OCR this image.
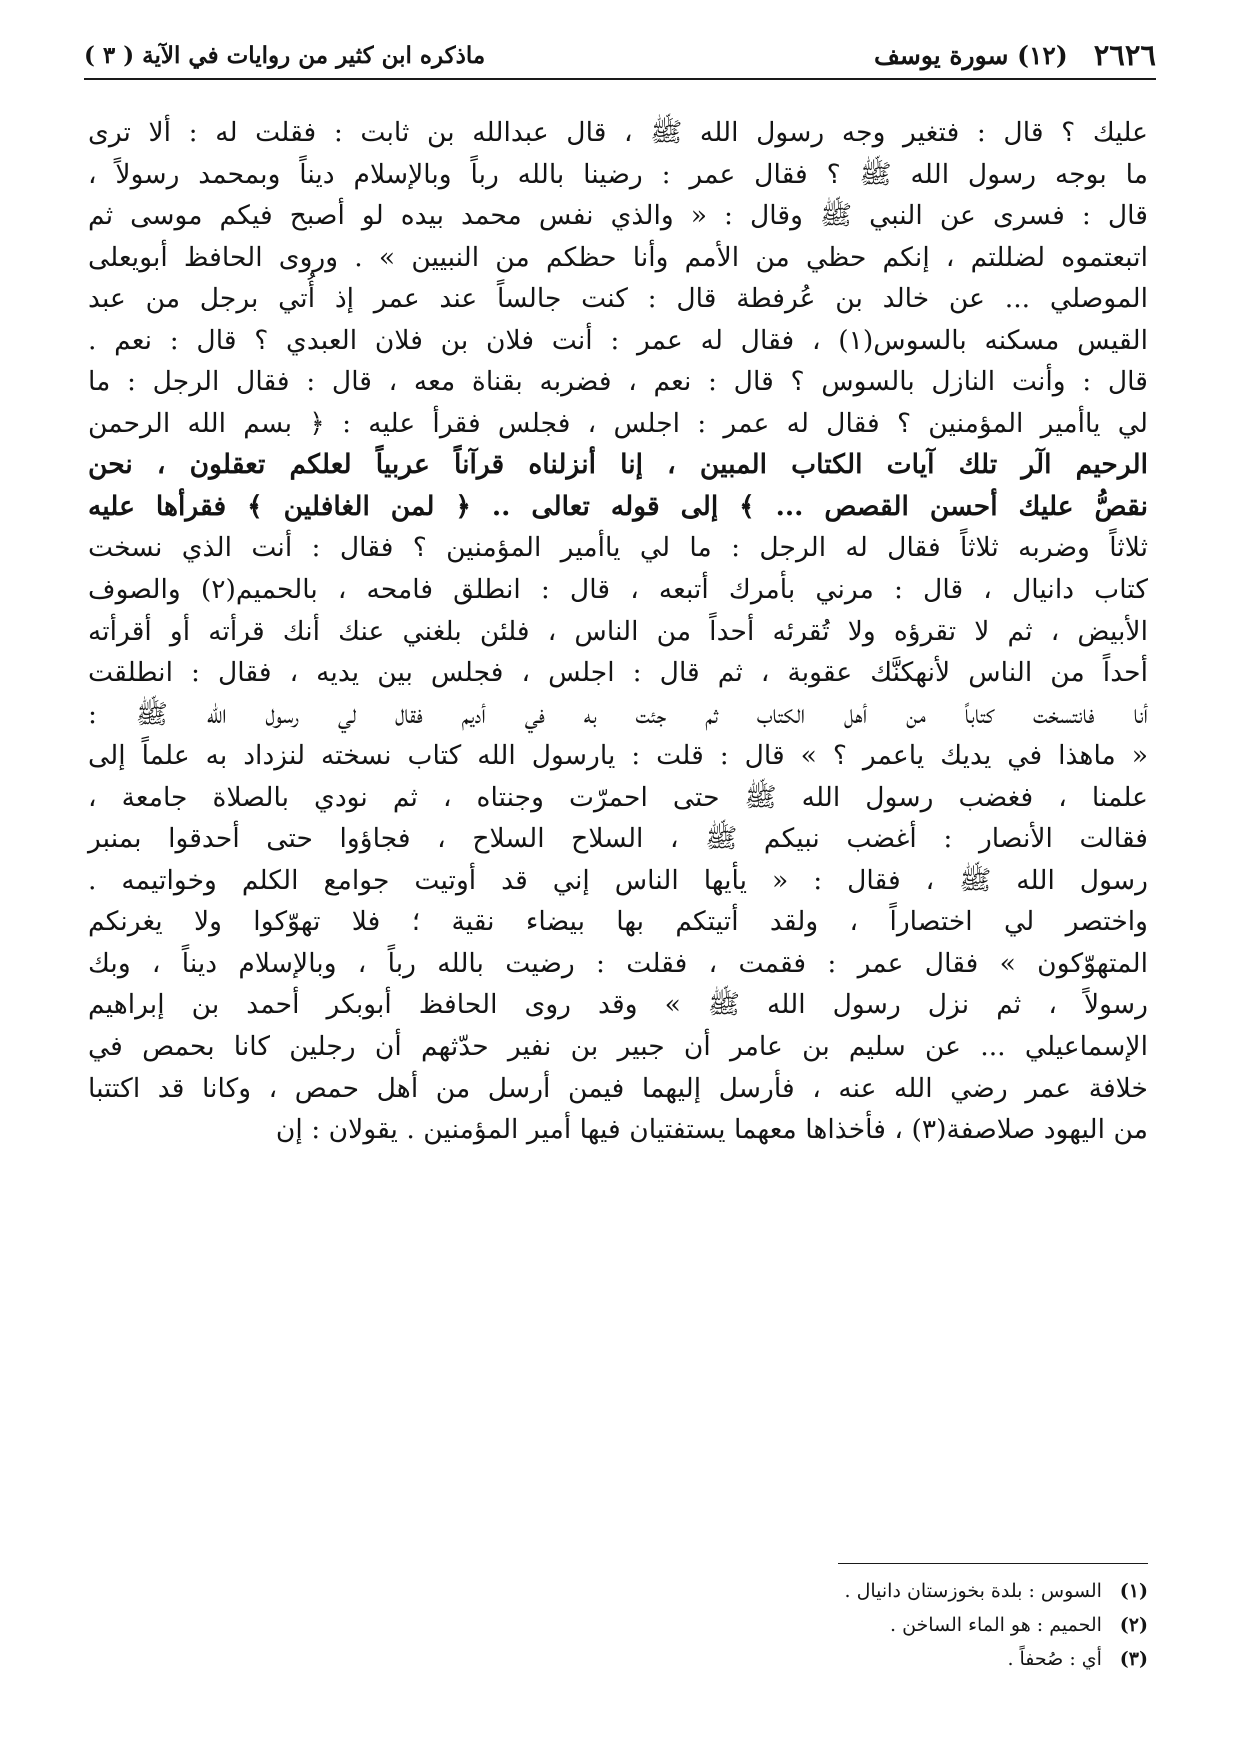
٢٦٢٦
(١٢) سورة يوسف
ماذكره ابن كثير من روايات في الآية ( ٣ )
عليك ؟ قال : فتغير وجه رسول الله ﷺ ، قال عبدالله بن ثابت : فقلت له : ألا ترى
ما بوجه رسول الله ﷺ ؟ فقال عمر : رضينا بالله رباً وبالإسلام ديناً وبمحمد رسولاً ،
قال : فسرى عن النبي ﷺ وقال : « والذي نفس محمد بيده لو أصبح فيكم موسى ثم
اتبعتموه لضللتم ، إنكم حظي من الأمم وأنا حظكم من النبيين » . وروى الحافظ أبويعلى
الموصلي ... عن خالد بن عُرفطة قال : كنت جالساً عند عمر إذ أُتي برجل من عبد
القيس مسكنه بالسوس(١) ، فقال له عمر : أنت فلان بن فلان العبدي ؟ قال : نعم .
قال : وأنت النازل بالسوس ؟ قال : نعم ، فضربه بقناة معه ، قال : فقال الرجل : ما
لي ياأمير المؤمنين ؟ فقال له عمر : اجلس ، فجلس فقرأ عليه : ﴿ بسم الله الرحمن
الرحيم الٓر تلك آيات الكتاب المبين ، إنا أنزلناه قرآناً عربياً لعلكم تعقلون ، نحن
نقصُّ عليك أحسن القصص ... ﴾ إلى قوله تعالى .. ﴿ لمن الغافلين ﴾ فقرأها عليه
ثلاثاً وضربه ثلاثاً فقال له الرجل : ما لي ياأمير المؤمنين ؟ فقال : أنت الذي نسخت
كتاب دانيال ، قال : مرني بأمرك أتبعه ، قال : انطلق فامحه ، بالحميم(٢) والصوف
الأبيض ، ثم لا تقرؤه ولا تُقرئه أحداً من الناس ، فلئن بلغني عنك أنك قرأته أو أقرأته
أحداً من الناس لأنهكنَّك عقوبة ، ثم قال : اجلس ، فجلس بين يديه ، فقال : انطلقت
أنا فانتسخت كتاباً من أهل الكتاب ثم جئت به في أديم فقال لي رسول الله ﷺ :
« ماهذا في يديك ياعمر ؟ » قال : قلت : يارسول الله كتاب نسخته لنزداد به علماً إلى
علمنا ، فغضب رسول الله ﷺ حتى احمرّت وجنتاه ، ثم نودي بالصلاة جامعة ،
فقالت الأنصار : أغضب نبيكم ﷺ ، السلاح السلاح ، فجاؤوا حتى أحدقوا بمنبر
رسول الله ﷺ ، فقال : « يأيها الناس إني قد أوتيت جوامع الكلم وخواتيمه .
واختصر لي اختصاراً ، ولقد أتيتكم بها بيضاء نقية ؛ فلا تهوّكوا ولا يغرنكم
المتهوّكون » فقال عمر : فقمت ، فقلت : رضيت بالله رباً ، وبالإسلام ديناً ، وبك
رسولاً ، ثم نزل رسول الله ﷺ » وقد روى الحافظ أبوبكر أحمد بن إبراهيم
الإسماعيلي ... عن سليم بن عامر أن جبير بن نفير حدّثهم أن رجلين كانا بحمص في
خلافة عمر رضي الله عنه ، فأرسل إليهما فيمن أرسل من أهل حمص ، وكانا قد اكتتبا
من اليهود صلاصفة(٣) ، فأخذاها معهما يستفتيان فيها أمير المؤمنين . يقولان : إن
(١) السوس : بلدة بخوزستان دانيال .
(٢) الحميم : هو الماء الساخن .
(٣) أي : صُحفاً .
